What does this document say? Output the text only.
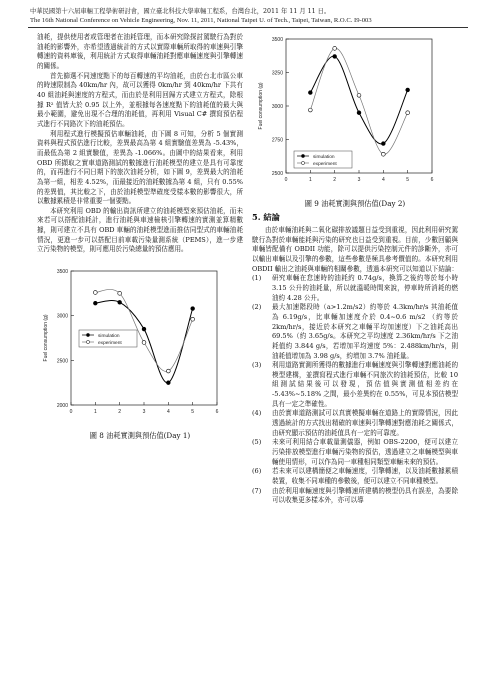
中華民國第十六屆車輛工程學術研討會，國立臺北科技大學車輛工程系，台灣台北，2011 年 11 月 11 日。
The 16th National Conference on Vehicle Engineering, Nov. 11, 2011, National Taipei U. of Tech., Taipei, Taiwan, R.O.C. I9-003

油耗，提供使用者或管理者在油耗管理，而本研究除探討駕駛行為對於油耗的影響外，亦希望透過統計的方式以實際車輛所取得的車速與引擎轉速的資料庫後，利用統計方式取得車輛油耗對應車輛速度與引擎轉速的關係。

首先篩選不同速度點下的每百轉速的平均油耗，由於台北市區公車的時速限制為 40km/hr 內，故可以獲得 0km/hr 到 40km/hr 下共有 40 組油耗與速度的方程式，而由於是利用回歸方式建立方程式，除根據 R² 值皆大於 0.95 以上外，並根據每各速度點下的油耗值的最大與最小範圍，避免出現不合理的油耗值，再利用 Visual C# 撰寫預估程式進行不同路次下的油耗預估。

利用程式進行模擬預估車輛油耗，由下圖 8 可知，分析 5 個實測資料與程式預估進行比較，差異最高為第 4 組實驗值差異為 -5.43%，而最低為第 2 組實驗值，差異為 -1.066%。由圖中的結果看來，利用 OBD 所擷取之實車道路測試的數據進行油耗模型的建立是具有可靠度的，而再進行不同日期下的旅次油耗分析，如下圖 9，差異最大的油耗為第一組，相差 4.52%，而最接近的油耗數據為第 4 組，只有 0.55% 的差異值，其比較之下，由於油耗模型準確度受樣本數的影響很大，所以數據累積是非常重要一個要點。

本研究利用 OBD 的輸出資訊所建立的油耗模型來預估油耗，而未來若可以搭配油耗計，進行油耗與車速檢核引擎轉速的實測並算精數據，則可建立不具有 OBD 車輛的油耗模型進而推估同型式的車輛油耗情況，更進一步可以搭配目前車載污染量測系統（PEMS），進一步建立污染物的模型，則可應用於污染總量的預估應用。

2000
2500
3000
3500
0	1	2	3	4	5	6
Fuel consumption (g)	simulation
experiment
圖 8 油耗實測與預估值(Day 1)
2500
2750
3000
3250
3500
0	1	2	3	4	5	6
Fuel consumption (g)
simulation
experiment
圖 9 油耗實測與預估值(Day 2)
5. 結論

由於車輛油耗與二氧化碳排放議題日益受到重視，因此利用研究駕駛行為對於車輛能耗與污染的研究也日益受到重視。目前，少數回顧與車輛皆配備有 OBDII 功能，除可以提供污染控制元件的診斷外，亦可以輸出車輛以及引擎的參數，這些參數是極具參考價值的。本研究利用 OBDII 輸出之油耗與車輛的相關參數，透過本研究可以知道以下結論：

(1) 研究車輛在怠速時的油耗約 0.74g/s，換算之後約等於每小時 3.15 公升的油耗量，所以就溫暖時間來說，停車時所消耗的燃油約 4.28 公升。
(2) 最大加速階段時（a>1.2m/s2）約等於 4.3km/hr/s 其油耗值為 6.19g/s，比車輛加速度介於 0.4~0.6 m/s2 （約等於 2km/hr/s，接近於本研究之車輛平均加速度）下之油耗高出 69.5%（約 3.65g/s。本研究之平均速度 2.36km/hr/s 下之油耗值約 3.844 g/s，若增加平均速度 5%：2.488km/hr/s，則油耗值增加為 3.98 g/s，約增加 3.7% 油耗量。
(3) 利用道路實測所獲得的數據進行車輛速度與引擎轉速對應油耗的模型建構，並撰寫程式進行車輛不同旅次的油耗預估，比較 10 組測試結果後可以發現，預估值與實測值相差約在 -5.43%~5.18% 之間，最小差異約在 0.55%，可見本預估模型具有一定之準確性。
(4) 由於實車道路測試可以真實模擬車輛在道路上的實際情況，因此透過統計的方式找出精確的車速與引擎轉速對應油耗之關係式，由研究顯示預估的油耗值具有一定的可靠度。
(5) 未來可利用結合車載量測儀器，例如 OBS-2200，便可以建立污染排放模型進行車輛污染物的預估，透過建立之車輛模型與車輛使用情形，可以作為同一車種相同類型車輛未來的預估。
(6) 若未來可以建構簡便之車輛速度，引擎轉速，以及油耗數據累積裝置，收集不同車種的參數後，便可以建立不同車種模型。
(7) 由於利用車輛速度與引擎轉速所建構的模型仍具有誤差，為要除可以收集更多樣本外，亦可以導
